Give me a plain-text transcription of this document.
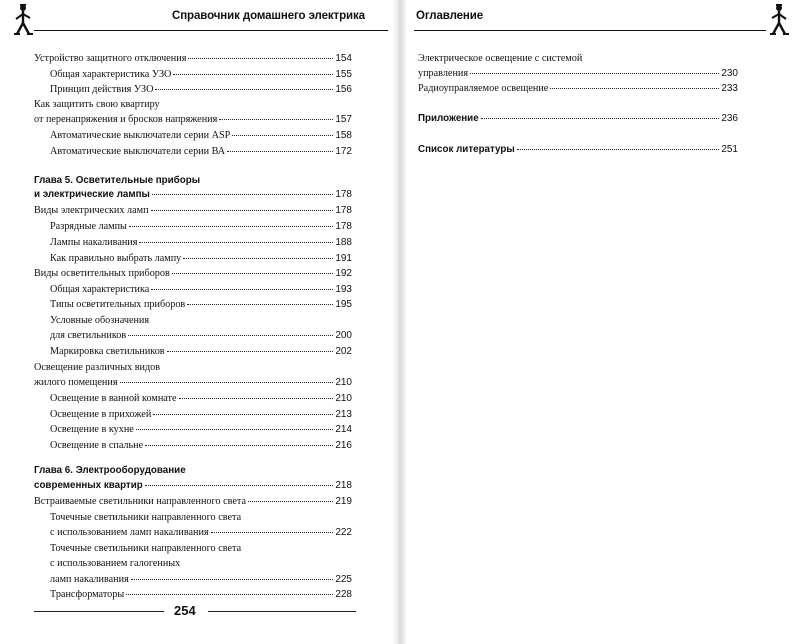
Справочник домашнего электрика
Устройство защитного отключения	154
Общая характеристика УЗО	155
Принцип действия УЗО	156
Как защитить свою квартиру
от перенапряжения и бросков напряжения	157
Автоматические выключатели серии ASP	158
Автоматические выключатели серии ВА	172
Глава 5. Осветительные приборы
и электрические лампы	178
Виды электрических ламп	178
Разрядные лампы	178
Лампы накаливания	188
Как правильно выбрать лампу	191
Виды осветительных приборов	192
Общая характеристика	193
Типы осветительных приборов	195
Условные обозначения
для светильников	200
Маркировка светильников	202
Освещение различных видов
жилого помещения	210
Освещение в ванной комнате	210
Освещение в прихожей	213
Освещение в кухне	214
Освещение в спальне	216
Глава 6. Электрооборудование
современных квартир	218
Встраиваемые светильники направленного света	219
Точечные светильники направленного света
с использованием ламп накаливания	222
Точечные светильники направленного света
с использованием галогенных
ламп накаливания	225
Трансформаторы	228
254
Оглавление
Электрическое освещение с системой
управления	230
Радиоуправляемое освещение	233
Приложение	236
Список литературы	251
